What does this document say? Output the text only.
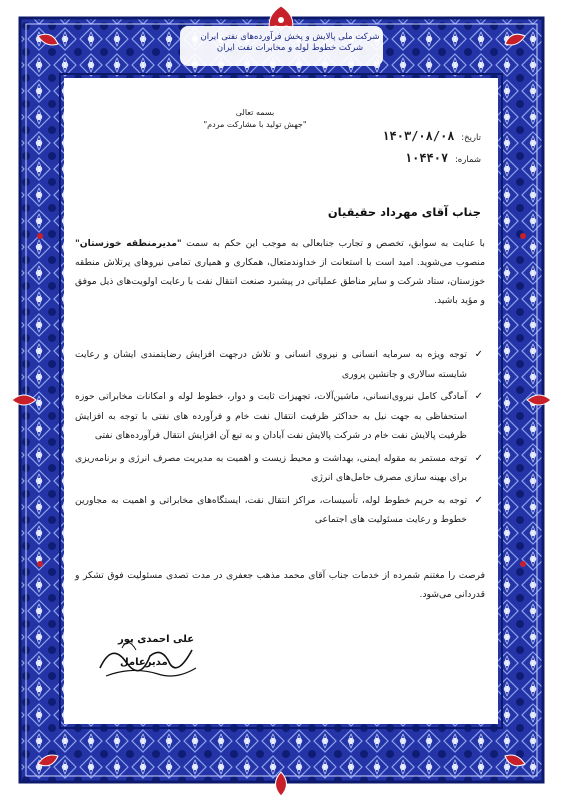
شرکت ملی پالایش و پخش فرآورده‌های نفتی ایران
شرکت خطوط لوله و مخابرات نفت ایران
بسمه تعالی
"جهش تولید با مشارکت مردم"
تاریخ: ۱۴۰۳/۰۸/۰۸
شماره: ۱۰۴۴۰۷
جناب آقای مهرداد حقیقیان

با عنایت به سوابق، تخصص و تجارب جنابعالی به موجب این حکم به سمت "مدیرمنطقه خوزستان" منصوب می‌شوید. امید است با استعانت از خداوندمتعال، همکاری و همیاری تمامی نیروهای پرتلاش منطقه خوزستان، ستاد شرکت و سایر مناطق عملیاتی در پیشبرد صنعت انتقال نفت با رعایت اولویت‌های ذیل موفق و مؤید باشید.

✓
توجه ویژه به سرمایه انسانی و نیروی انسانی و تلاش درجهت افزایش رضایتمندی ایشان و رعایت شایسته سالاری و جانشین پروری
✓
آمادگی کامل نیروی‌انسانی، ماشین‌آلات، تجهیزات ثابت و دوار، خطوط لوله و امکانات مخابراتی حوزه استحفاظی به جهت نیل به حداکثر ظرفیت انتقال نفت خام و فرآورده های نفتی با توجه به افزایش ظرفیت پالایش نفت خام در شرکت پالایش نفت آبادان و به تبع آن افزایش انتقال فرآورده‌های نفتی
✓
توجه مستمر به مقوله ایمنی، بهداشت و محیط زیست و اهمیت به مدیریت مصرف انرژی و برنامه‌ریزی برای بهینه سازی مصرف حامل‌های انرژی
✓
توجه به حریم خطوط لوله، تأسیسات، مراکز انتقال نفت، ایستگاه‌های مخابراتی و اهمیت به مجاورین خطوط و رعایت مسئولیت های اجتماعی
فرصت را مغتنم شمرده از خدمات جناب آقای محمد مذهب جعفری در مدت تصدی مسئولیت فوق تشکر و قدردانی می‌شود.
علی احمدی پور
مدیرعامل
